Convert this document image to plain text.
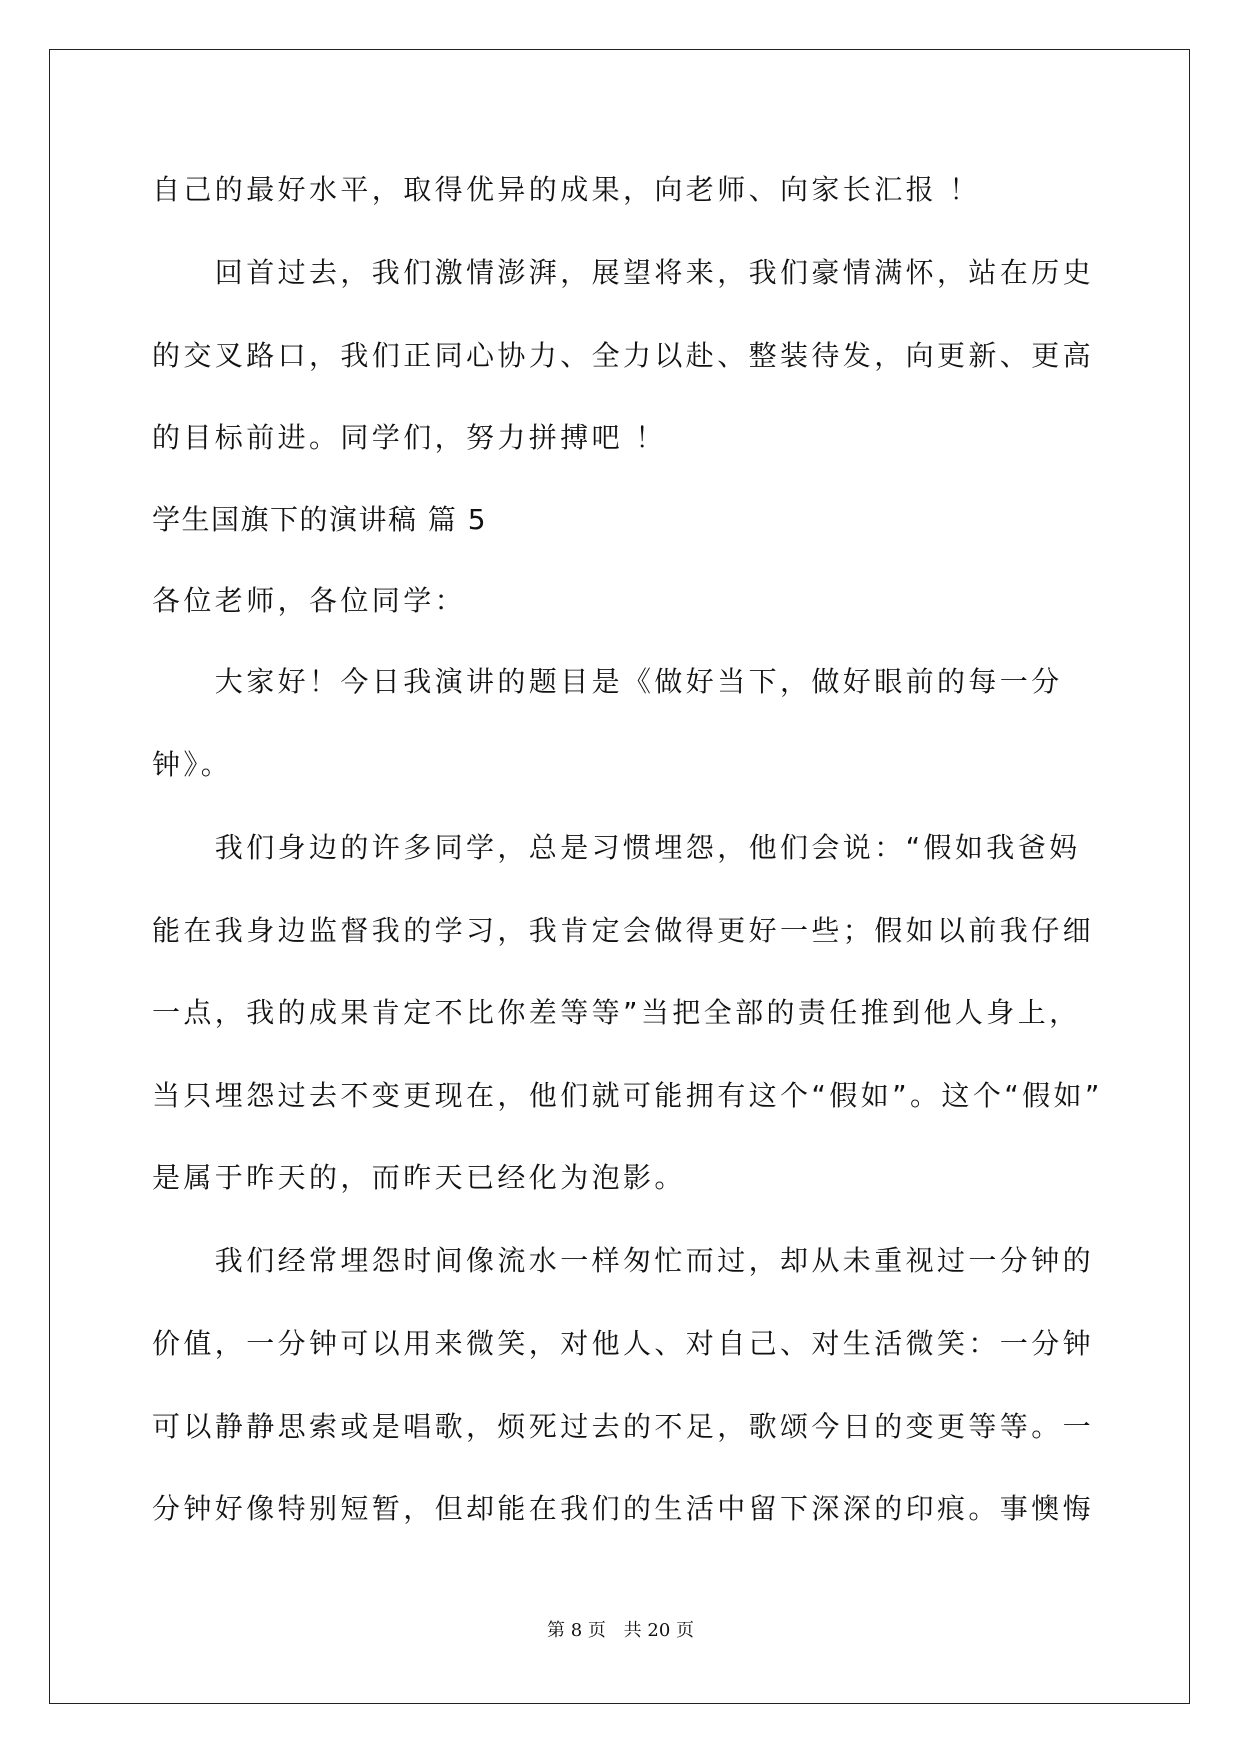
自己的最好水平，取得优异的成果，向老师、向家长汇报 ！

　　回首过去，我们激情澎湃，展望将来，我们豪情满怀，站在历史

的交叉路口，我们正同心协力、全力以赴、整装待发，向更新、更高

的目标前进。同学们，努力拼搏吧 ！

学生国旗下的演讲稿 篇 5

各位老师，各位同学：

　　大家好！今日我演讲的题目是《做好当下，做好眼前的每一分

钟》。

　　我们身边的许多同学，总是习惯埋怨，他们会说：“假如我爸妈

能在我身边监督我的学习，我肯定会做得更好一些；假如以前我仔细

一点，我的成果肯定不比你差等等”当把全部的责任推到他人身上，

当只埋怨过去不变更现在，他们就可能拥有这个“假如”。这个“假如”

是属于昨天的，而昨天已经化为泡影。

　　我们经常埋怨时间像流水一样匆忙而过，却从未重视过一分钟的

价值，一分钟可以用来微笑，对他人、对自己、对生活微笑：一分钟

可以静静思索或是唱歌，烦死过去的不足，歌颂今日的变更等等。一

分钟好像特别短暂，但却能在我们的生活中留下深深的印痕。事懊悔

第 8 页 共 20 页
